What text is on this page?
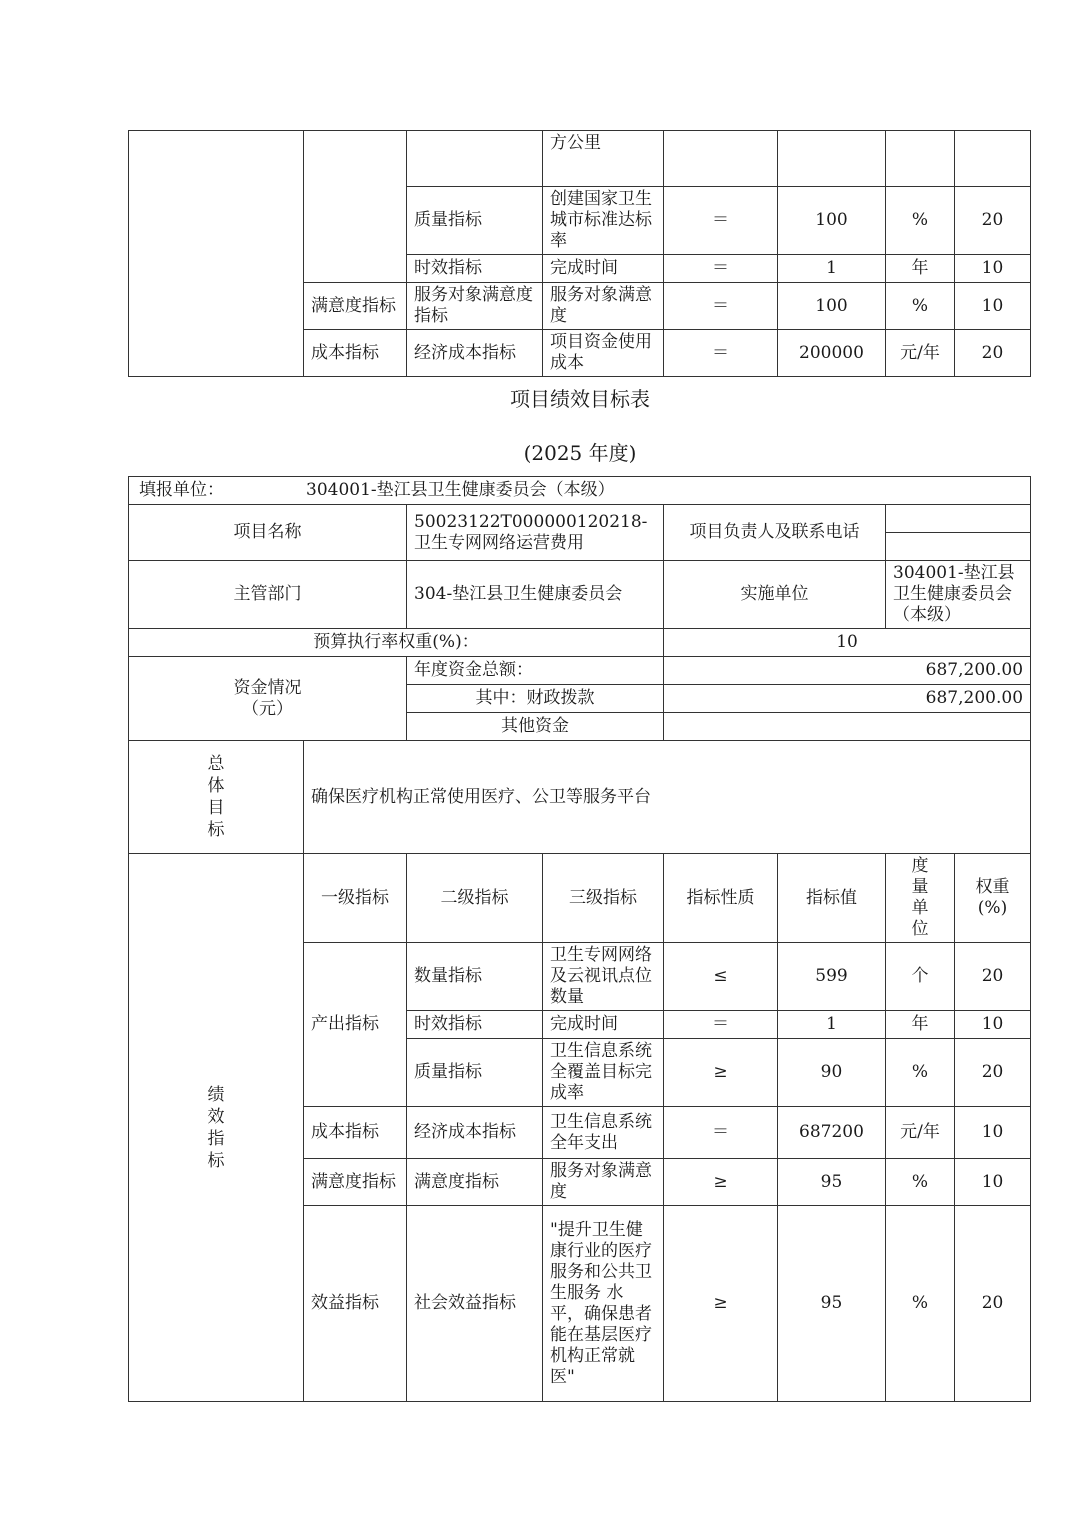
			方公里				
		质量指标	创建国家卫生城市标准达标率	＝	100	%	20
		时效指标	完成时间	＝	1	年	10
	满意度指标	服务对象满意度指标	服务对象满意度	＝	100	%	10
	成本指标	经济成本指标	项目资金使用成本	＝	200000	元/年	20
项目绩效目标表
(2025 年度)
填报单位： 304001-垫江县卫生健康委员会（本级）							
项目名称		50023122T000000120218-卫生专网网络运营费用		项目负责人及联系电话			

主管部门		304-垫江县卫生健康委员会		实施单位		304001-垫江县卫生健康委员会（本级）	
预算执行率权重(%)：				10			
资金情况（元）		年度资金总额：		687,200.00			
		其中：财政拨款		687,200.00			
		其他资金					

总体目标	确保医疗机构正常使用医疗、公卫等服务平台						

绩效指标	一级指标	二级指标	三级指标	指标性质	指标值	度量单位	权重(%)
	产出指标	数量指标	卫生专网网络及云视讯点位数量	≤	599	个	20
		时效指标	完成时间	＝	1	年	10
		质量指标	卫生信息系统全覆盖目标完成率	≥	90	%	20
	成本指标	经济成本指标	卫生信息系统全年支出	＝	687200	元/年	10
	满意度指标	满意度指标	服务对象满意度	≥	95	%	10
	效益指标	社会效益指标	"提升卫生健康行业的医疗服务和公共卫生服务 水平，确保患者能在基层医疗机构正常就医"	≥	95	%	20
